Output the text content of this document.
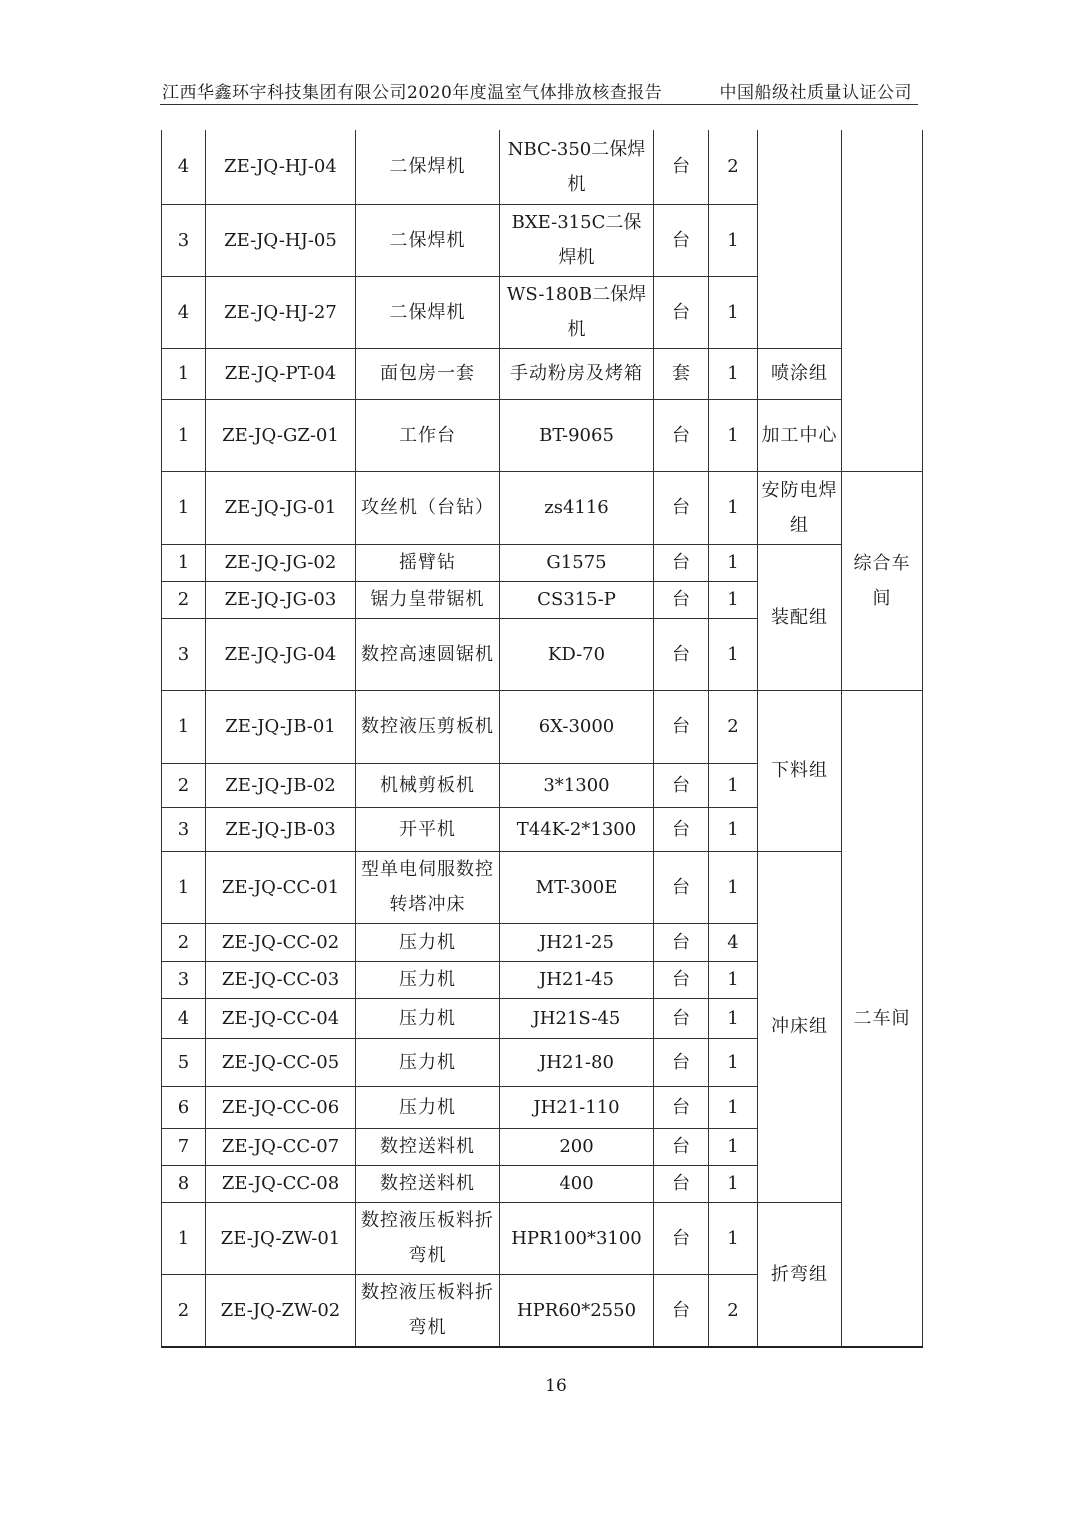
江西华鑫环宇科技集团有限公司2020年度温室气体排放核查报告	中国船级社质量认证公司
4	ZE-JQ-HJ-04	二保焊机	NBC-350二保焊机	台	2		
3	ZE-JQ-HJ-05	二保焊机	BXE-315C二保焊机	台	1		
4	ZE-JQ-HJ-27	二保焊机	WS-180B二保焊机	台	1		
1	ZE-JQ-PT-04	面包房一套	手动粉房及烤箱	套	1	喷涂组	
1	ZE-JQ-GZ-01	工作台	BT-9065	台	1	加工中心	
1	ZE-JQ-JG-01	攻丝机（台钻）	zs4116	台	1	安防电焊组	综合车间
1	ZE-JQ-JG-02	摇臂钻	G1575	台	1	装配组	
2	ZE-JQ-JG-03	锯力皇带锯机	CS315-P	台	1		
3	ZE-JQ-JG-04	数控高速圆锯机	KD-70	台	1		
1	ZE-JQ-JB-01	数控液压剪板机	6X-3000	台	2	下料组	二车间
2	ZE-JQ-JB-02	机械剪板机	3*1300	台	1		
3	ZE-JQ-JB-03	开平机	T44K-2*1300	台	1		
1	ZE-JQ-CC-01	型单电伺服数控转塔冲床	MT-300E	台	1	冲床组	
2	ZE-JQ-CC-02	压力机	JH21-25	台	4		
3	ZE-JQ-CC-03	压力机	JH21-45	台	1		
4	ZE-JQ-CC-04	压力机	JH21S-45	台	1		
5	ZE-JQ-CC-05	压力机	JH21-80	台	1		
6	ZE-JQ-CC-06	压力机	JH21-110	台	1		
7	ZE-JQ-CC-07	数控送料机	200	台	1		
8	ZE-JQ-CC-08	数控送料机	400	台	1		
1	ZE-JQ-ZW-01	数控液压板料折弯机	HPR100*3100	台	1	折弯组	
2	ZE-JQ-ZW-02	数控液压板料折弯机	HPR60*2550	台	2		
16
